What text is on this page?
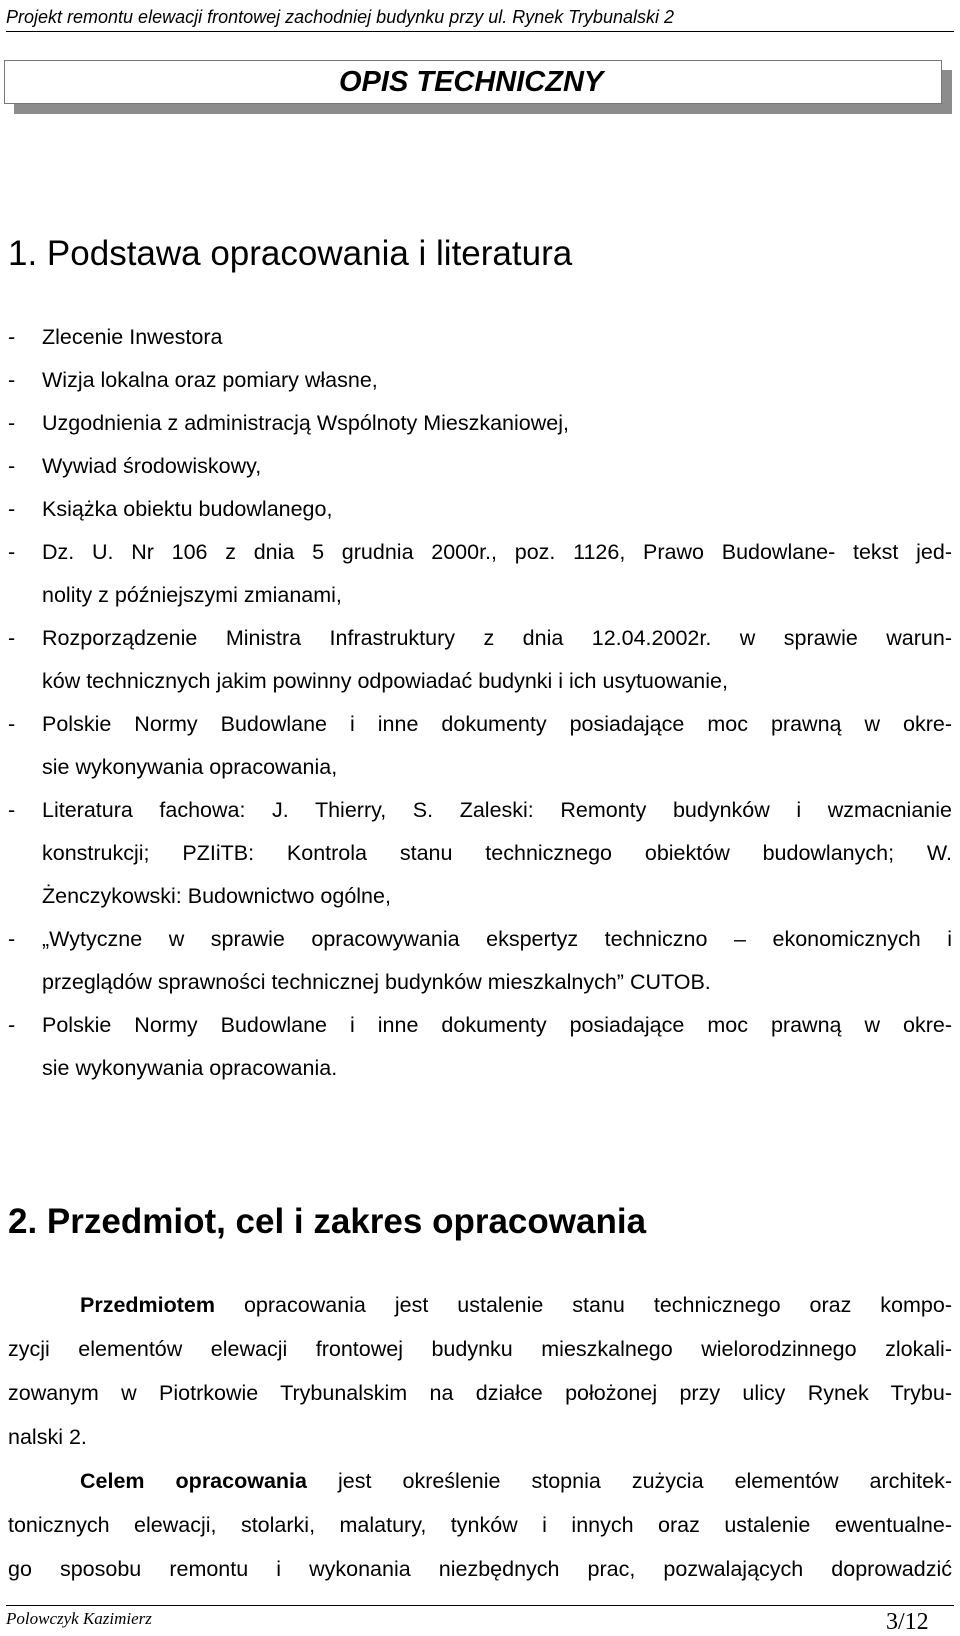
Projekt remontu elewacji frontowej zachodniej budynku przy ul. Rynek Trybunalski 2
OPIS TECHNICZNY
1. Podstawa opracowania i literatura
- Zlecenie Inwestora
- Wizja lokalna oraz pomiary własne,
- Uzgodnienia z administracją Wspólnoty Mieszkaniowej,
- Wywiad środowiskowy,
- Książka obiektu budowlanego,
- Dz. U. Nr 106 z dnia 5 grudnia 2000r., poz. 1126, Prawo Budowlane- tekst jed-
nolity z późniejszymi zmianami,
- Rozporządzenie Ministra Infrastruktury z dnia 12.04.2002r. w sprawie warun-
ków technicznych jakim powinny odpowiadać budynki i ich usytuowanie,
- Polskie Normy Budowlane i inne dokumenty posiadające moc prawną w okre-
sie wykonywania opracowania,
- Literatura fachowa: J. Thierry, S. Zaleski: Remonty budynków i wzmacnianie
konstrukcji; PZIiTB: Kontrola stanu technicznego obiektów budowlanych; W.
Żenczykowski: Budownictwo ogólne,
- „Wytyczne w sprawie opracowywania ekspertyz techniczno – ekonomicznych i
przeglądów sprawności technicznej budynków mieszkalnych” CUTOB.
- Polskie Normy Budowlane i inne dokumenty posiadające moc prawną w okre-
sie wykonywania opracowania.
2. Przedmiot, cel i zakres opracowania
Przedmiotem opracowania jest ustalenie stanu technicznego oraz kompo-
zycji elementów elewacji frontowej budynku mieszkalnego wielorodzinnego zlokali-
zowanym w Piotrkowie Trybunalskim na działce położonej przy ulicy Rynek Trybu-
nalski 2.
Celem opracowania jest określenie stopnia zużycia elementów architek-
tonicznych elewacji, stolarki, malatury, tynków i innych oraz ustalenie ewentualne-
go sposobu remontu i wykonania niezbędnych prac, pozwalających doprowadzić
Polowczyk Kazimierz	3/12
